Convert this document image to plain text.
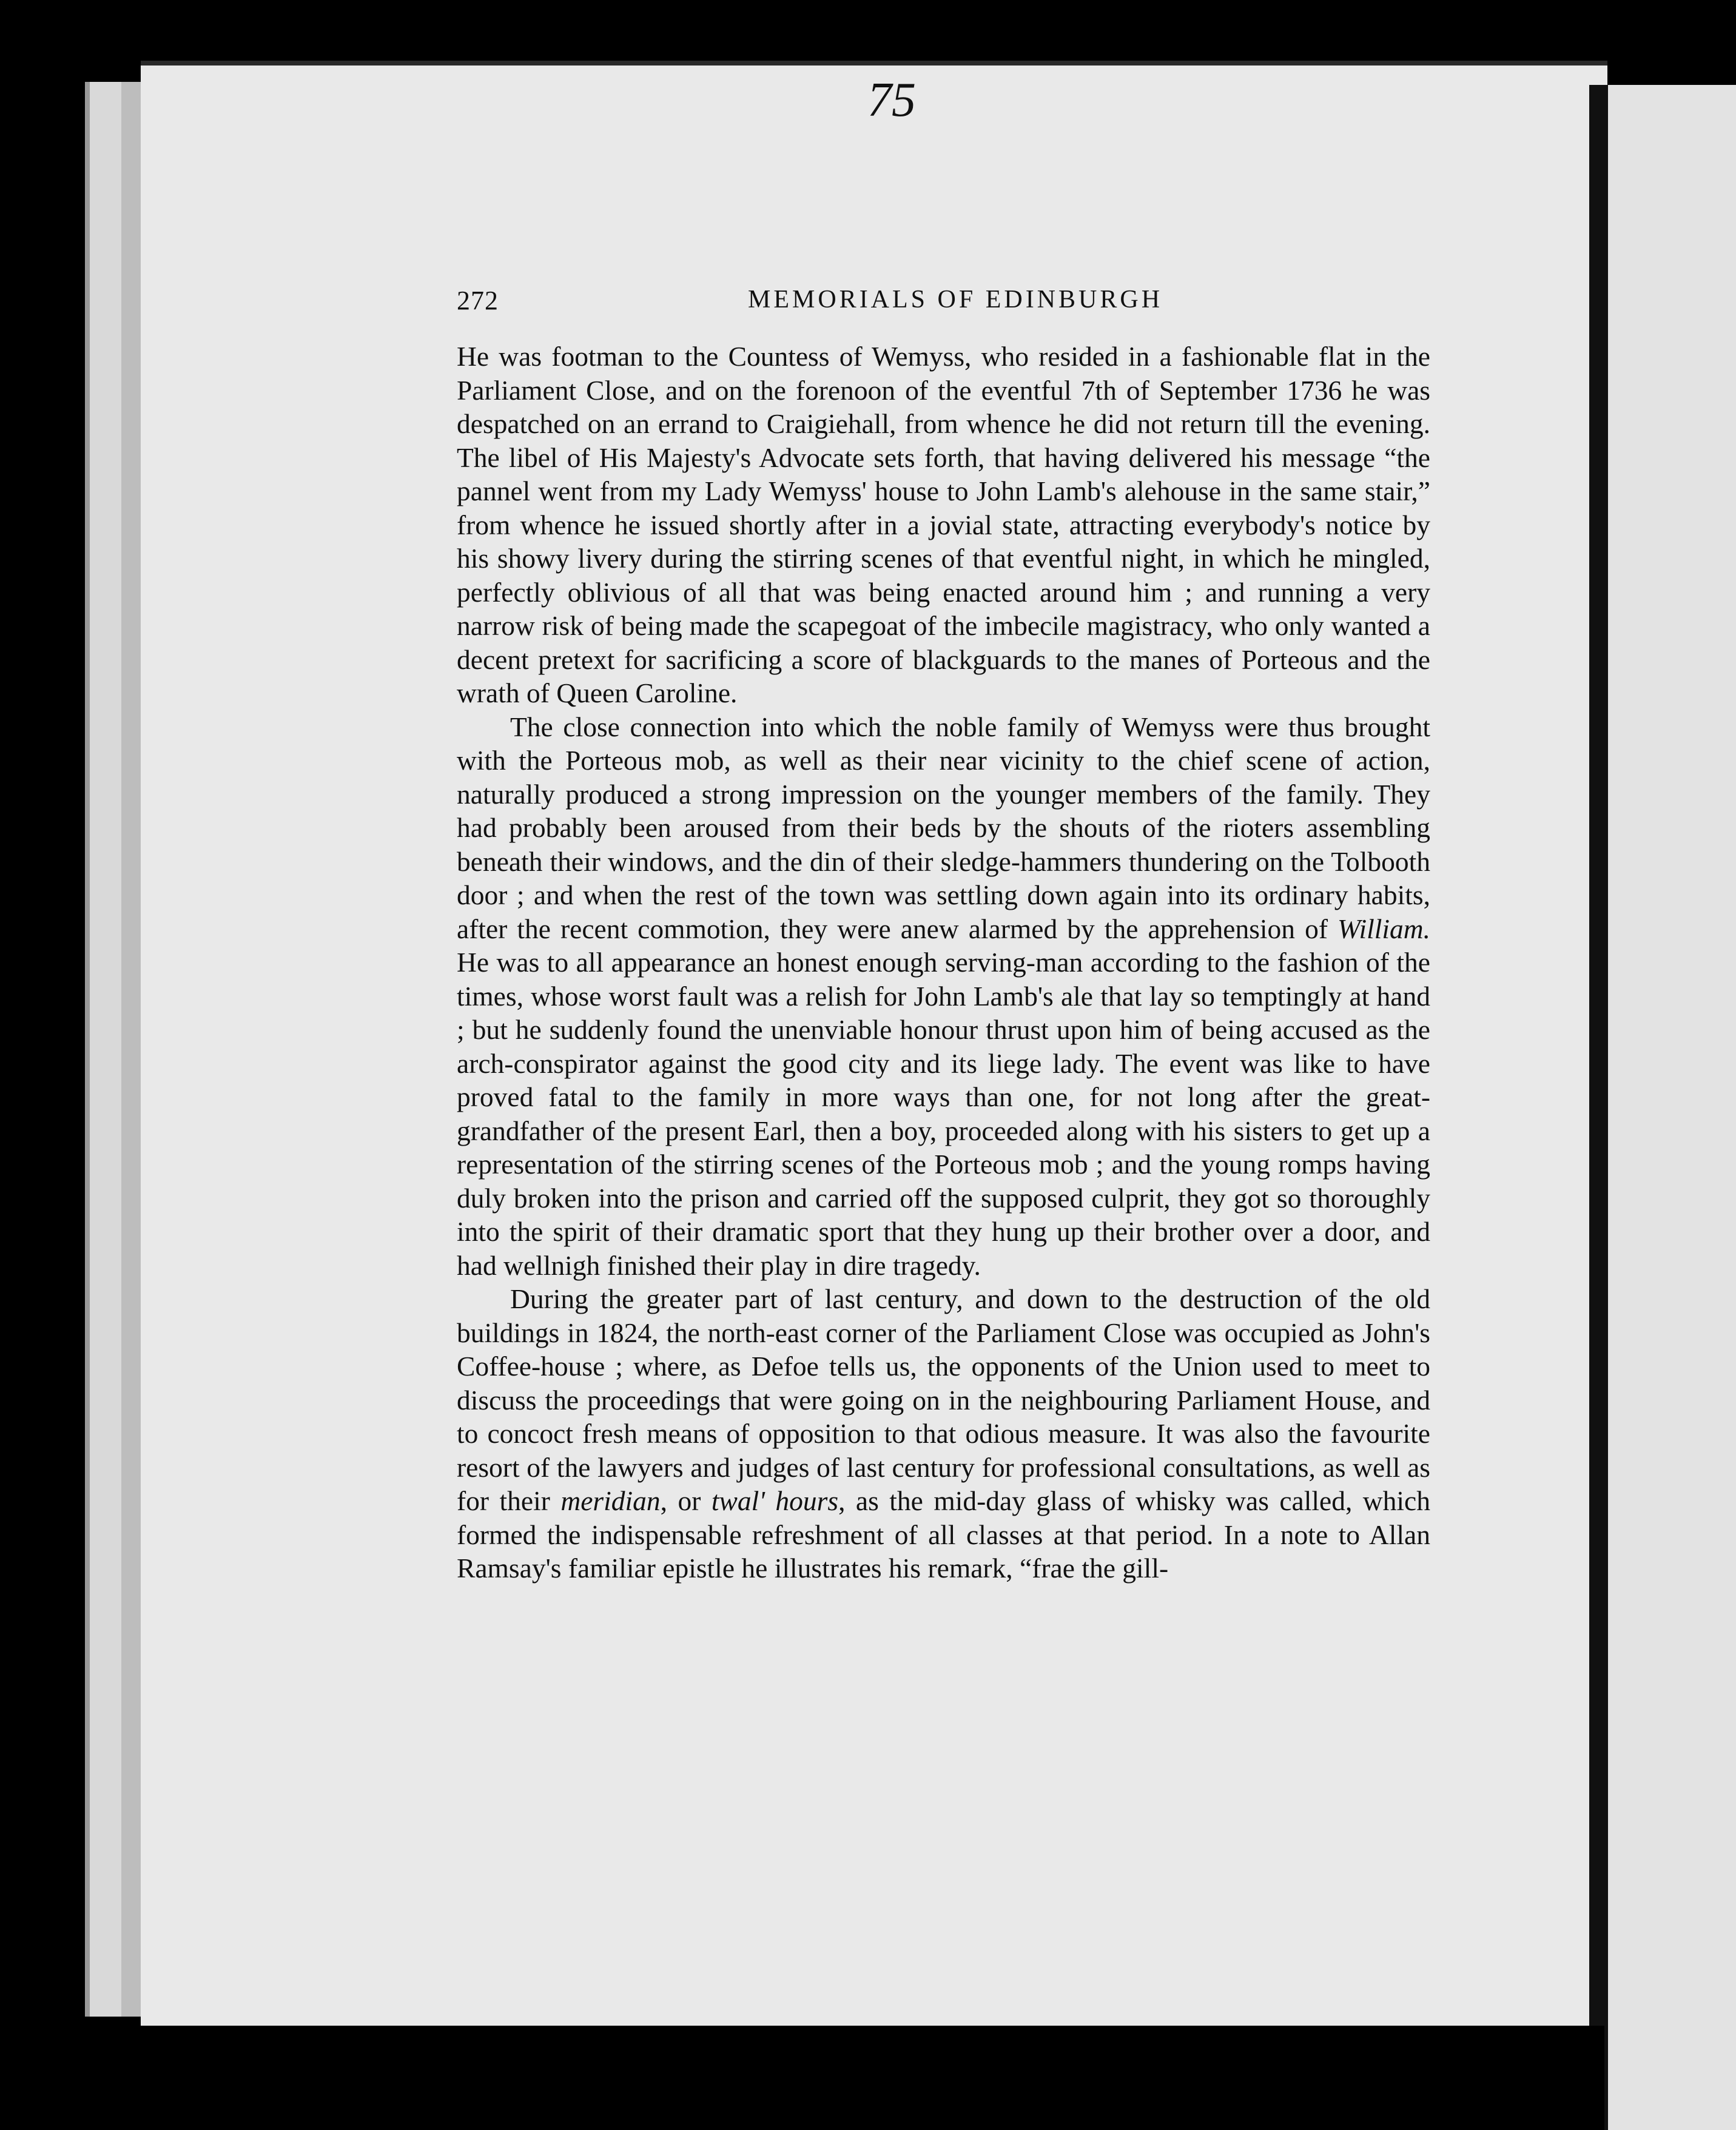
75
272	MEMORIALS OF EDINBURGH

He was footman to the Countess of Wemyss, who resided in a fashionable flat in the Parliament Close, and on the forenoon of the eventful 7th of September 1736 he was despatched on an errand to Craigiehall, from whence he did not return till the evening. The libel of His Majesty's Advocate sets forth, that having delivered his message “the pannel went from my Lady Wemyss' house to John Lamb's alehouse in the same stair,” from whence he issued shortly after in a jovial state, attracting everybody's notice by his showy livery during the stirring scenes of that eventful night, in which he mingled, perfectly oblivious of all that was being enacted around him ; and running a very narrow risk of being made the scapegoat of the imbecile magistracy, who only wanted a decent pretext for sacrificing a score of blackguards to the manes of Porteous and the wrath of Queen Caroline.

The close connection into which the noble family of Wemyss were thus brought with the Porteous mob, as well as their near vicinity to the chief scene of action, naturally produced a strong impression on the younger members of the family. They had probably been aroused from their beds by the shouts of the rioters assembling beneath their windows, and the din of their sledge-hammers thundering on the Tolbooth door ; and when the rest of the town was settling down again into its ordinary habits, after the recent commotion, they were anew alarmed by the apprehension of William. He was to all appearance an honest enough serving-man according to the fashion of the times, whose worst fault was a relish for John Lamb's ale that lay so temptingly at hand ; but he suddenly found the unenviable honour thrust upon him of being accused as the arch-conspirator against the good city and its liege lady. The event was like to have proved fatal to the family in more ways than one, for not long after the great-grandfather of the present Earl, then a boy, proceeded along with his sisters to get up a representation of the stirring scenes of the Porteous mob ; and the young romps having duly broken into the prison and carried off the supposed culprit, they got so thoroughly into the spirit of their dramatic sport that they hung up their brother over a door, and had wellnigh finished their play in dire tragedy.

During the greater part of last century, and down to the destruction of the old buildings in 1824, the north-east corner of the Parliament Close was occupied as John's Coffee-house ; where, as Defoe tells us, the opponents of the Union used to meet to discuss the proceedings that were going on in the neighbouring Parliament House, and to concoct fresh means of opposition to that odious measure. It was also the favourite resort of the lawyers and judges of last century for professional consultations, as well as for their meridian, or twal' hours, as the mid-day glass of whisky was called, which formed the indispensable refreshment of all classes at that period. In a note to Allan Ramsay's familiar epistle he illustrates his remark, “frae the gill-
